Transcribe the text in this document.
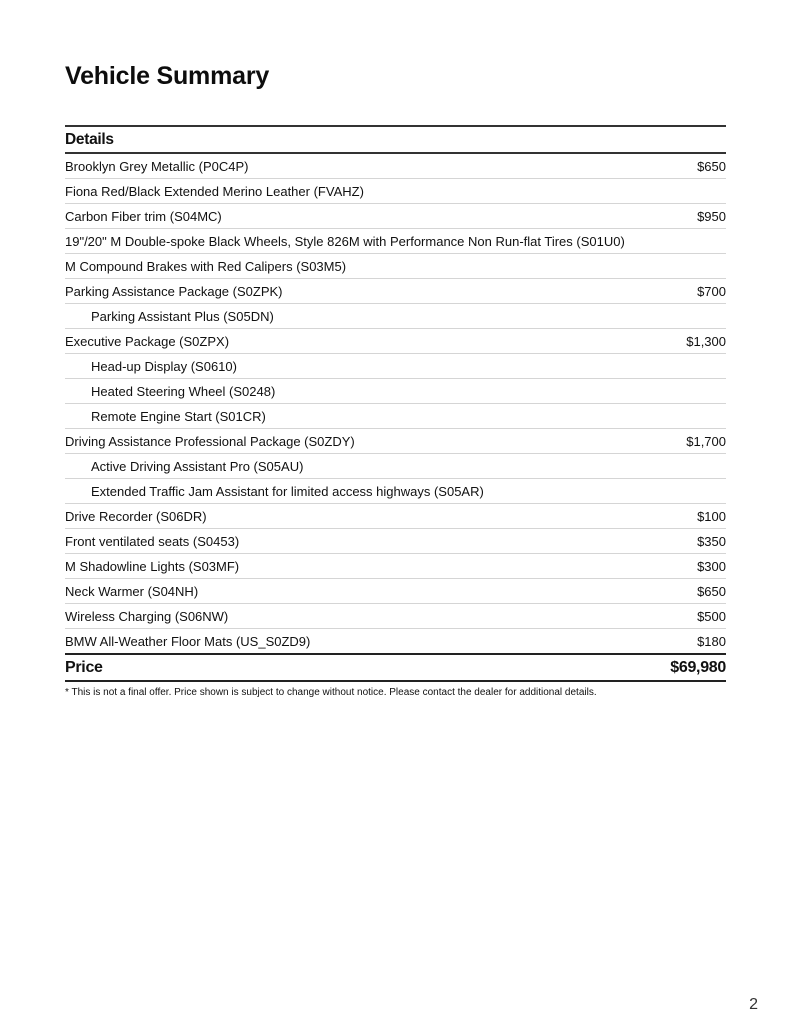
Vehicle Summary
Details
Brooklyn Grey Metallic (P0C4P)	$650
Fiona Red/Black Extended Merino Leather (FVAHZ)
Carbon Fiber trim (S04MC)	$950
19"/20" M Double-spoke Black Wheels, Style 826M with Performance Non Run-flat Tires (S01U0)
M Compound Brakes with Red Calipers (S03M5)
Parking Assistance Package (S0ZPK)	$700
Parking Assistant Plus (S05DN)
Executive Package (S0ZPX)	$1,300
Head-up Display (S0610)
Heated Steering Wheel (S0248)
Remote Engine Start (S01CR)
Driving Assistance Professional Package (S0ZDY)	$1,700
Active Driving Assistant Pro (S05AU)
Extended Traffic Jam Assistant for limited access highways (S05AR)
Drive Recorder (S06DR)	$100
Front ventilated seats (S0453)	$350
M Shadowline Lights (S03MF)	$300
Neck Warmer (S04NH)	$650
Wireless Charging (S06NW)	$500
BMW All-Weather Floor Mats (US_S0ZD9)	$180
Price	$69,980
* This is not a final offer. Price shown is subject to change without notice. Please contact the dealer for additional details.
2
